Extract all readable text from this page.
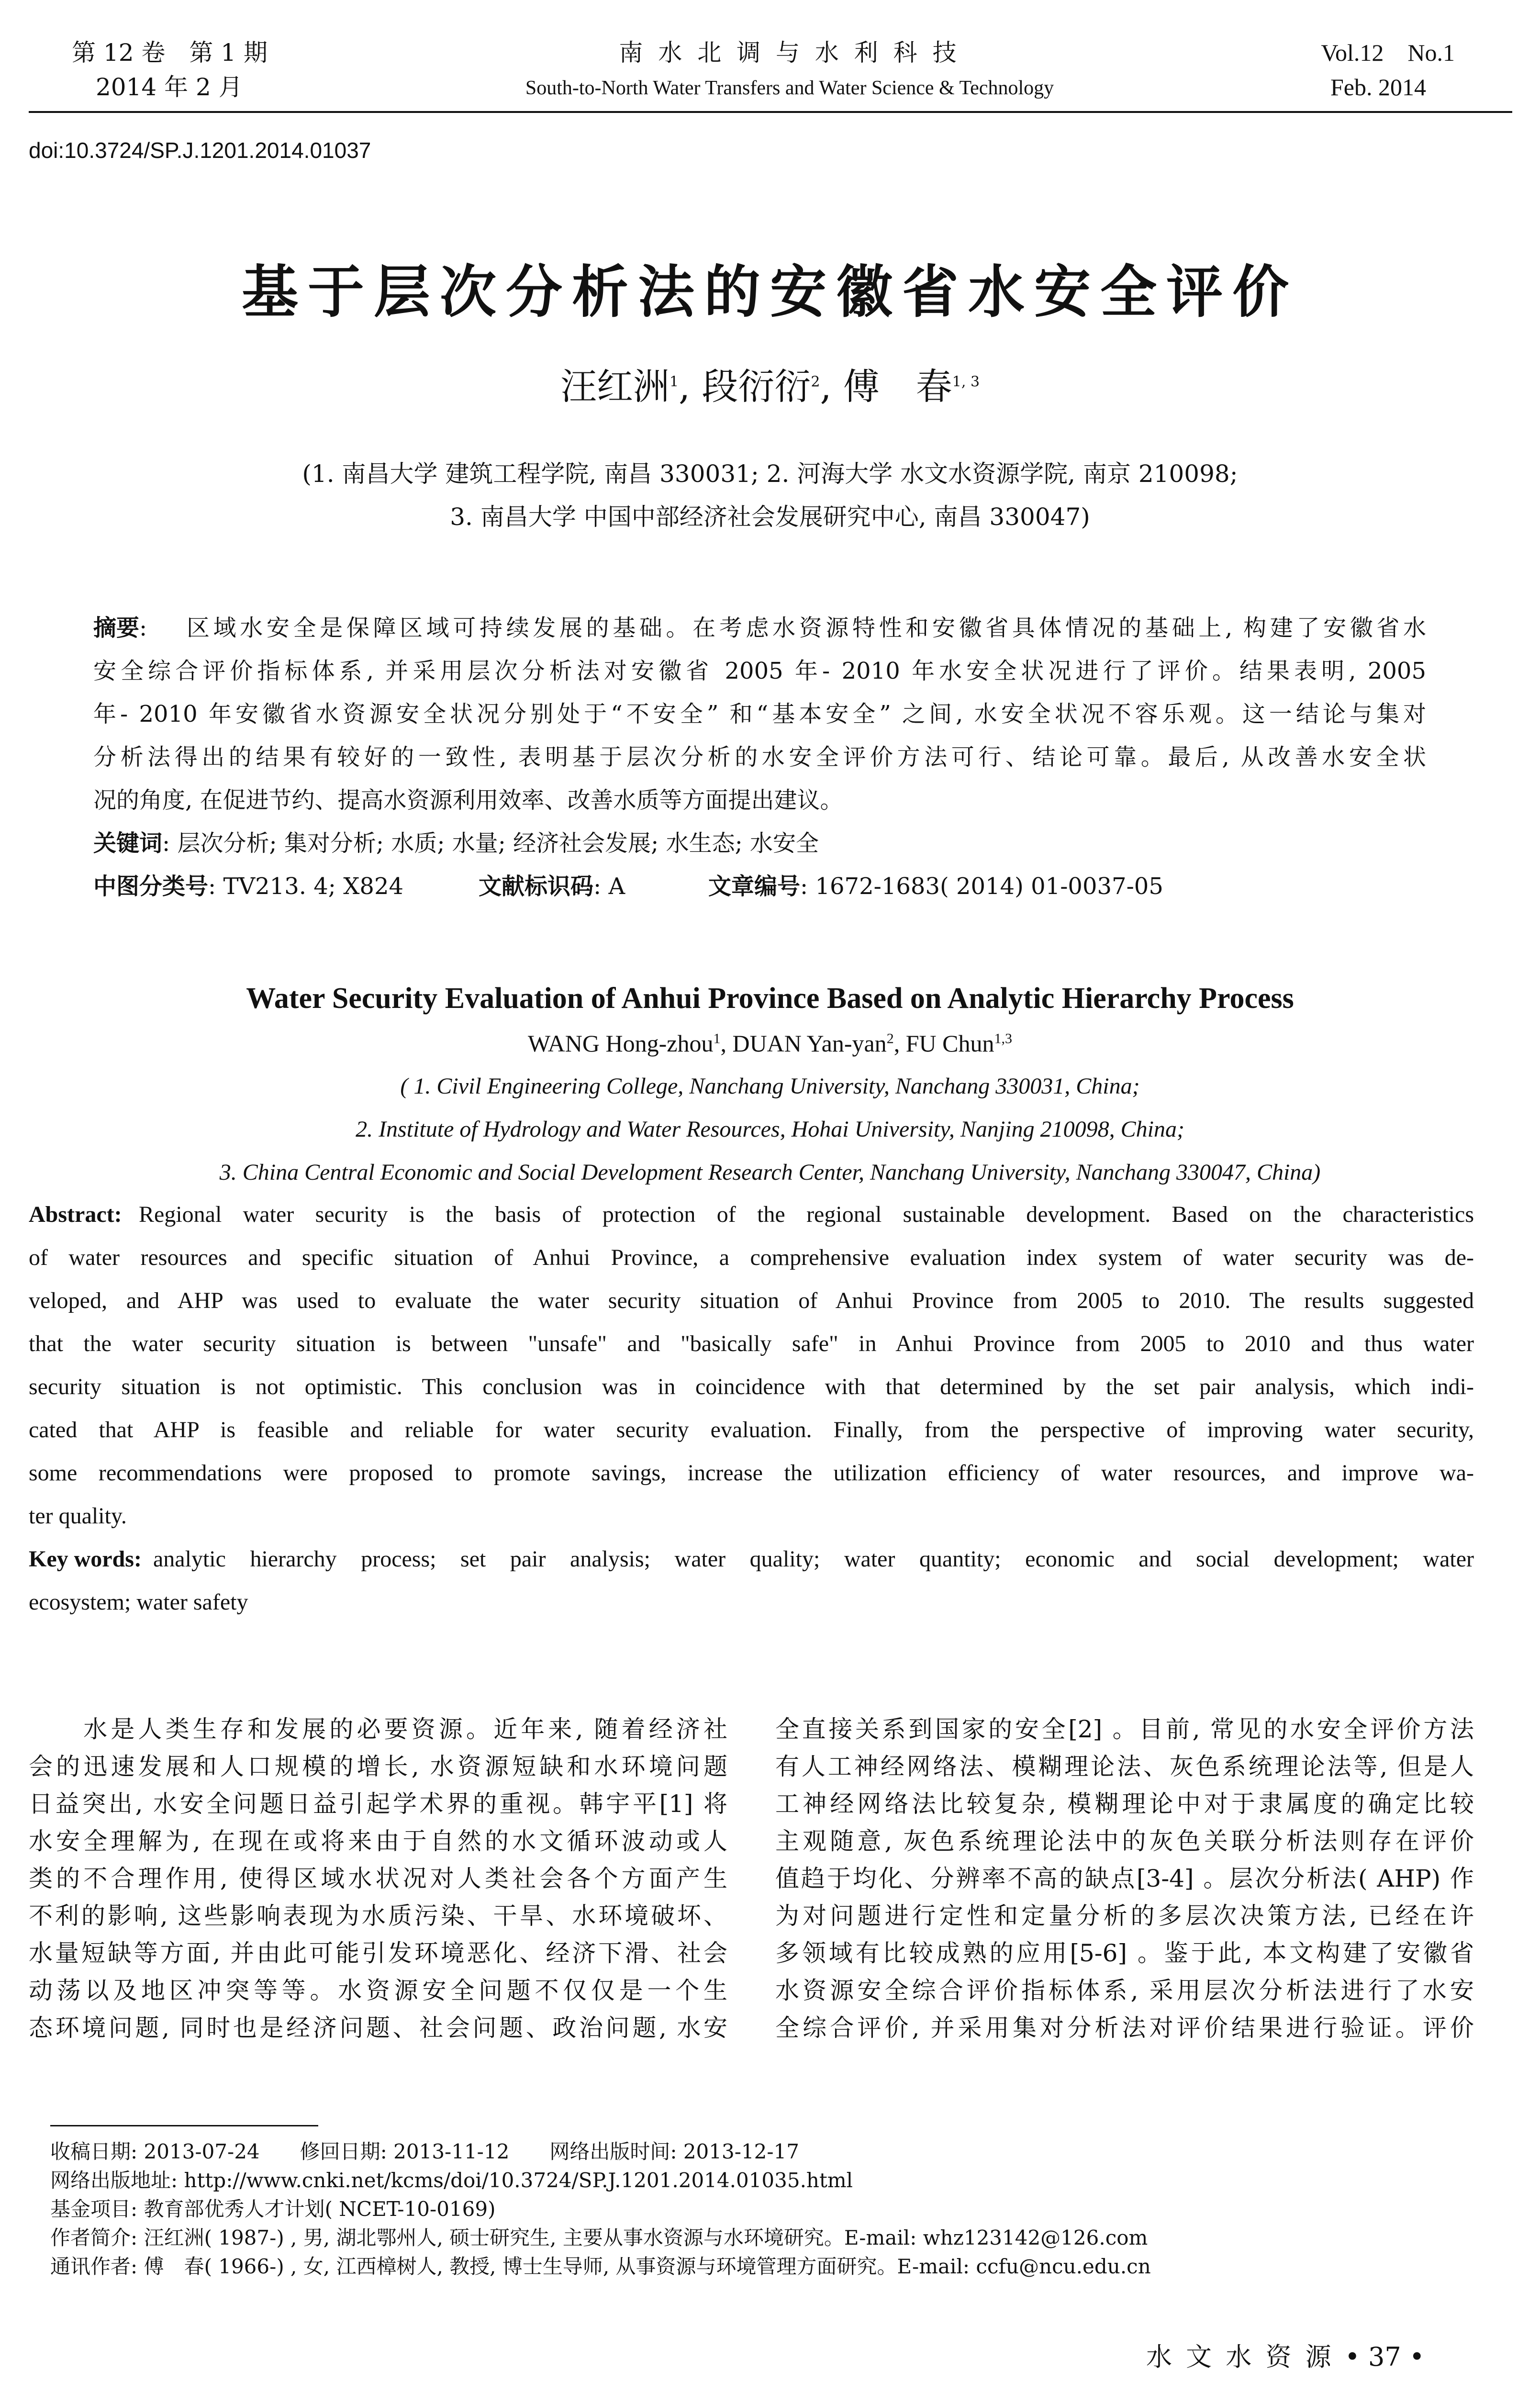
第 12 卷　第 1 期
2014 年 2 月
南 水 北 调 与 水 利 科 技
South-to-North Water Transfers and Water Science & Technology
Vol.12　No.1
Feb. 2014
doi:10.3724/SP.J.1201.2014.01037
基于层次分析法的安徽省水安全评价
汪红洲$^1$, 段衍衍$^2$, 傅　春$^{1, 3}$
(1. 南昌大学 建筑工程学院, 南昌 330031; 2. 河海大学 水文水资源学院, 南京 210098;
3. 南昌大学 中国中部经济社会发展研究中心, 南昌 330047)
摘要: 区域水安全是保障区域可持续发展的基础。在考虑水资源特性和安徽省具体情况的基础上, 构建了安徽省水
安全综合评价指标体系, 并采用层次分析法对安徽省 2005 年- 2010 年水安全状况进行了评价。结果表明, 2005
年- 2010 年安徽省水资源安全状况分别处于“不安全” 和“基本安全” 之间, 水安全状况不容乐观。这一结论与集对
分析法得出的结果有较好的一致性, 表明基于层次分析的水安全评价方法可行、结论可靠。最后, 从改善水安全状
况的角度, 在促进节约、提高水资源利用效率、改善水质等方面提出建议。
关键词: 层次分析; 集对分析; 水质; 水量; 经济社会发展; 水生态; 水安全
中图分类号: TV213. 4; X824	文献标识码: A	文章编号: 1672-1683( 2014) 01-0037-05
Water Security Evaluation of Anhui Province Based on Analytic Hierarchy Process
WANG Hong-zhou$^1$, DUAN Yan-yan$^2$, FU Chun$^{1,3}$
( 1. Civil Engineering College, Nanchang University, Nanchang 330031, China;
2. Institute of Hydrology and Water Resources, Hohai University, Nanjing 210098, China;
3. China Central Economic and Social Development Research Center, Nanchang University, Nanchang 330047, China)
Abstract: Regional water security is the basis of protection of the regional sustainable development. Based on the characteristics
of water resources and specific situation of Anhui Province, a comprehensive evaluation index system of water security was de-
veloped, and AHP was used to evaluate the water security situation of Anhui Province from 2005 to 2010. The results suggested
that the water security situation is between "unsafe" and "basically safe" in Anhui Province from 2005 to 2010 and thus water
security situation is not optimistic. This conclusion was in coincidence with that determined by the set pair analysis, which indi-
cated that AHP is feasible and reliable for water security evaluation. Finally, from the perspective of improving water security,
some recommendations were proposed to promote savings, increase the utilization efficiency of water resources, and improve wa-
ter quality.
Key words: analytic hierarchy process; set pair analysis; water quality; water quantity; economic and social development; water
ecosystem; water safety
　　水是人类生存和发展的必要资源。近年来, 随着经济社
会的迅速发展和人口规模的增长, 水资源短缺和水环境问题
日益突出, 水安全问题日益引起学术界的重视。韩宇平[1] 将
水安全理解为, 在现在或将来由于自然的水文循环波动或人
类的不合理作用, 使得区域水状况对人类社会各个方面产生
不利的影响, 这些影响表现为水质污染、干旱、水环境破坏、
水量短缺等方面, 并由此可能引发环境恶化、经济下滑、社会
动荡以及地区冲突等等。水资源安全问题不仅仅是一个生
态环境问题, 同时也是经济问题、社会问题、政治问题, 水安
全直接关系到国家的安全[2] 。目前, 常见的水安全评价方法
有人工神经网络法、模糊理论法、灰色系统理论法等, 但是人
工神经网络法比较复杂, 模糊理论中对于隶属度的确定比较
主观随意, 灰色系统理论法中的灰色关联分析法则存在评价
值趋于均化、分辨率不高的缺点[3-4] 。层次分析法( AHP) 作
为对问题进行定性和定量分析的多层次决策方法, 已经在许
多领域有比较成熟的应用[5-6] 。鉴于此, 本文构建了安徽省
水资源安全综合评价指标体系, 采用层次分析法进行了水安
全综合评价, 并采用集对分析法对评价结果进行验证。评价
收稿日期: 2013-07-24　　修回日期: 2013-11-12　　网络出版时间: 2013-12-17
网络出版地址: http://www.cnki.net/kcms/doi/10.3724/SP.J.1201.2014.01035.html
基金项目: 教育部优秀人才计划( NCET-10-0169)
作者简介: 汪红洲( 1987-) , 男, 湖北鄂州人, 硕士研究生, 主要从事水资源与水环境研究。E-mail: whz123142@126.com
通讯作者: 傅　春( 1966-) , 女, 江西樟树人, 教授, 博士生导师, 从事资源与环境管理方面研究。E-mail: ccfu@ncu.edu.cn
水 文 水 资 源 • 37 •
